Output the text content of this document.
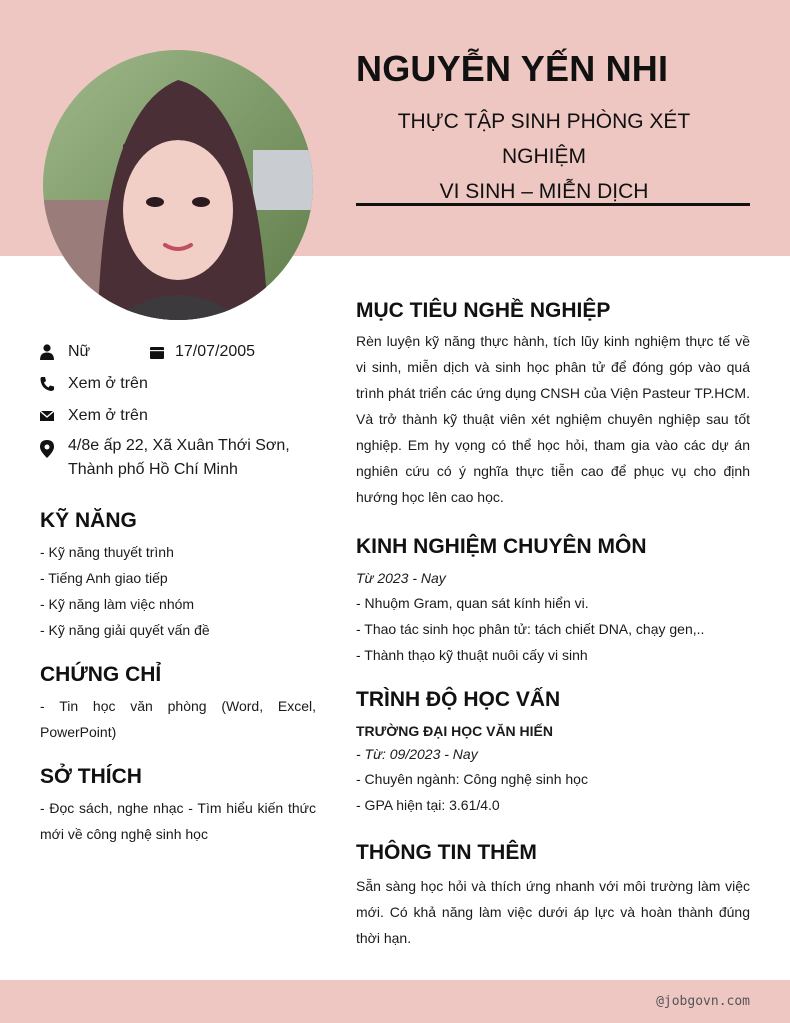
NGUYỄN YẾN NHI
THỰC TẬP SINH PHÒNG XÉT NGHIỆM
VI SINH – MIỄN DỊCH
Nữ	17/07/2005
Xem ở trên
Xem ở trên
4/8e ấp 22, Xã Xuân Thới Sơn,
Thành phố Hồ Chí Minh
KỸ NĂNG
- Kỹ năng thuyết trình
- Tiếng Anh giao tiếp
- Kỹ năng làm việc nhóm
- Kỹ năng giải quyết vấn đề
CHỨNG CHỈ
- Tin học văn phòng (Word, Excel, PowerPoint)
SỞ THÍCH
- Đọc sách, nghe nhạc - Tìm hiểu kiến thức mới về công nghệ sinh học
MỤC TIÊU NGHỀ NGHIỆP
Rèn luyện kỹ năng thực hành, tích lũy kinh nghiệm thực tế về vi sinh, miễn dịch và sinh học phân tử để đóng góp vào quá trình phát triển các ứng dụng CNSH của Viện Pasteur TP.HCM. Và trở thành kỹ thuật viên xét nghiệm chuyên nghiệp sau tốt nghiệp. Em hy vọng có thể học hỏi, tham gia vào các dự án nghiên cứu có ý nghĩa thực tiễn cao để phục vụ cho định hướng học lên cao học.
KINH NGHIỆM CHUYÊN MÔN
Từ 2023 - Nay
- Nhuộm Gram, quan sát kính hiển vi.
- Thao tác sinh học phân tử: tách chiết DNA, chạy gen,..
- Thành thạo kỹ thuật nuôi cấy vi sinh
TRÌNH ĐỘ HỌC VẤN
TRƯỜNG ĐẠI HỌC VĂN HIẾN
- Từ: 09/2023 - Nay
- Chuyên ngành: Công nghệ sinh học
- GPA hiện tại: 3.61/4.0
THÔNG TIN THÊM
Sẵn sàng học hỏi và thích ứng nhanh với môi trường làm việc mới. Có khả năng làm việc dưới áp lực và hoàn thành đúng thời hạn.
@jobgovn.com
